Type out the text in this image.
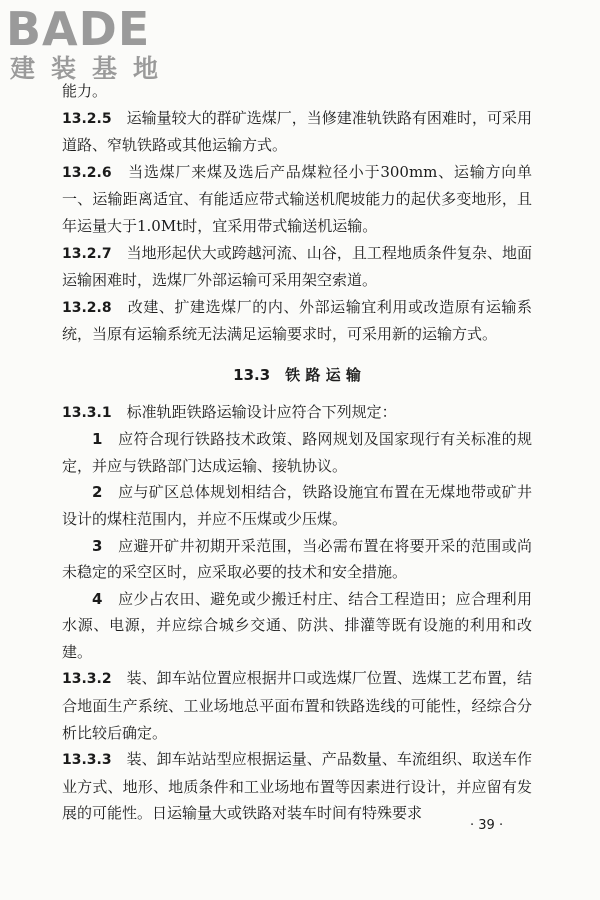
BADE
建装基地

能力。

13.2.5　 运输量较大的群矿选煤厂，当修建准轨铁路有困难时，可采用道路、窄轨铁路或其他运输方式。

13.2.6　 当选煤厂来煤及选后产品煤粒径小于300mm、运输方向单一、运输距离适宜、有能适应带式输送机爬坡能力的起伏多变地形，且年运量大于1.0Mt时，宜采用带式输送机运输。

13.2.7　 当地形起伏大或跨越河流、山谷，且工程地质条件复杂、地面运输困难时，选煤厂外部运输可采用架空索道。

13.2.8　 改建、扩建选煤厂的内、外部运输宜利用或改造原有运输系统，当原有运输系统无法满足运输要求时，可采用新的运输方式。

13.3　铁 路 运 输

13.3.1　 标准轨距铁路运输设计应符合下列规定：

1　 应符合现行铁路技术政策、路网规划及国家现行有关标准的规定，并应与铁路部门达成运输、接轨协议。

2　 应与矿区总体规划相结合，铁路设施宜布置在无煤地带或矿井设计的煤柱范围内，并应不压煤或少压煤。

3　 应避开矿井初期开采范围，当必需布置在将要开采的范围或尚未稳定的采空区时，应采取必要的技术和安全措施。

4　 应少占农田、避免或少搬迁村庄、结合工程造田；应合理利用水源、电源，并应综合城乡交通、防洪、排灌等既有设施的利用和改建。

13.3.2　 装、卸车站位置应根据井口或选煤厂位置、选煤工艺布置，结合地面生产系统、工业场地总平面布置和铁路选线的可能性，经综合分析比较后确定。

13.3.3　 装、卸车站站型应根据运量、产品数量、车流组织、取送车作业方式、地形、地质条件和工业场地布置等因素进行设计，并应留有发展的可能性。日运输量大或铁路对装车时间有特殊要求

· 39 ·
